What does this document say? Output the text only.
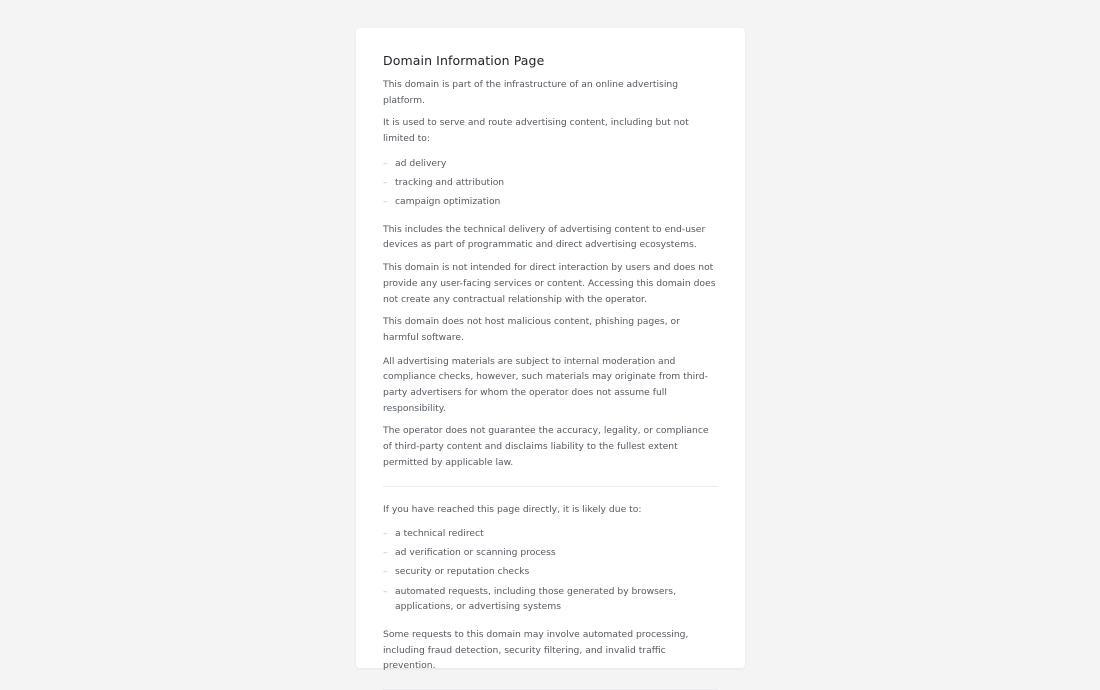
Domain Information Page

This domain is part of the infrastructure of an online advertising platform.

It is used to serve and route advertising content, including but not limited to:

– ad delivery
– tracking and attribution
– campaign optimization

This includes the technical delivery of advertising content to end-user devices as part of programmatic and direct advertising ecosystems.

This domain is not intended for direct interaction by users and does not provide any user-facing services or content. Accessing this domain does not create any contractual relationship with the operator.

This domain does not host malicious content, phishing pages, or harmful software.

All advertising materials are subject to internal moderation and compliance checks, however, such materials may originate from third-party advertisers for whom the operator does not assume full responsibility.

The operator does not guarantee the accuracy, legality, or compliance of third-party content and disclaims liability to the fullest extent permitted by applicable law.

If you have reached this page directly, it is likely due to:

– a technical redirect
– ad verification or scanning process
– security or reputation checks
– automated requests, including those generated by browsers, applications, or advertising systems

Some requests to this domain may involve automated processing, including fraud detection, security filtering, and invalid traffic prevention.
